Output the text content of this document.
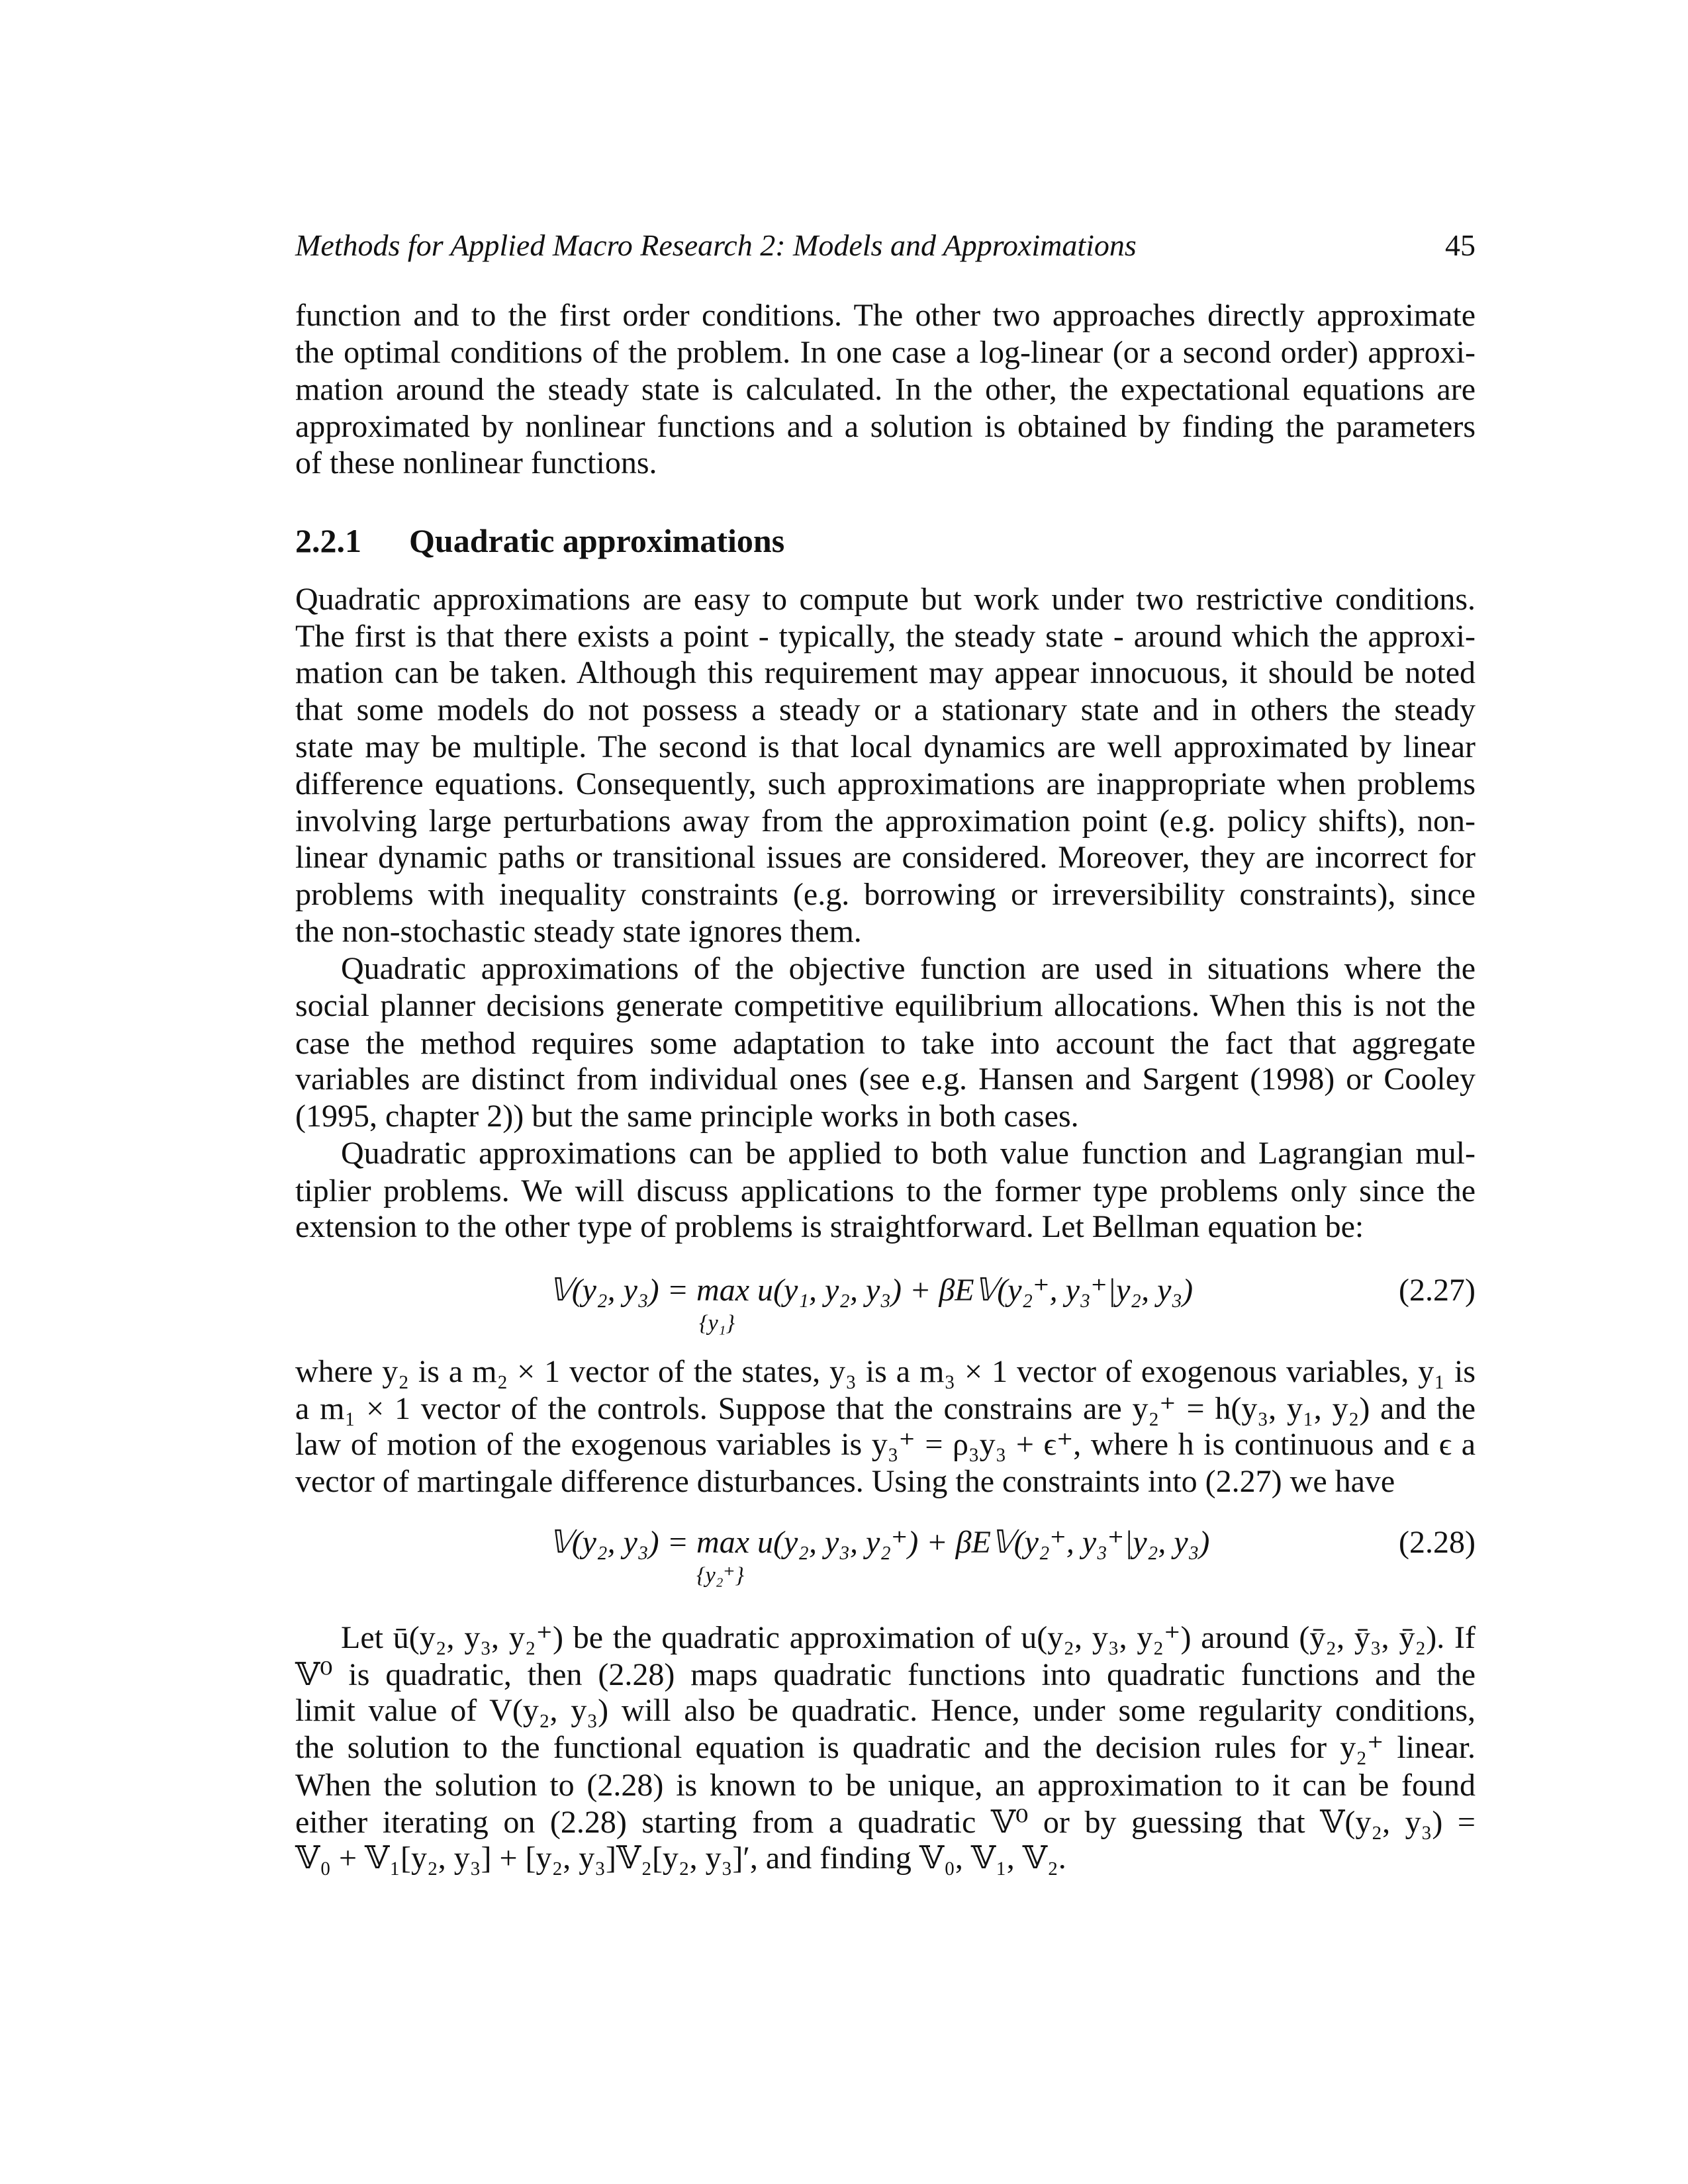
Methods for Applied Macro Research 2: Models and Approximations	45
function and to the first order conditions. The other two approaches directly approximate
the optimal conditions of the problem. In one case a log-linear (or a second order) approxi-
mation around the steady state is calculated. In the other, the expectational equations are
approximated by nonlinear functions and a solution is obtained by finding the parameters
of these nonlinear functions.
2.2.1 Quadratic approximations
Quadratic approximations are easy to compute but work under two restrictive conditions.
The first is that there exists a point - typically, the steady state - around which the approxi-
mation can be taken. Although this requirement may appear innocuous, it should be noted
that some models do not possess a steady or a stationary state and in others the steady
state may be multiple. The second is that local dynamics are well approximated by linear
difference equations. Consequently, such approximations are inappropriate when problems
involving large perturbations away from the approximation point (e.g. policy shifts), non-
linear dynamic paths or transitional issues are considered. Moreover, they are incorrect for
problems with inequality constraints (e.g. borrowing or irreversibility constraints), since
the non-stochastic steady state ignores them.
Quadratic approximations of the objective function are used in situations where the
social planner decisions generate competitive equilibrium allocations. When this is not the
case the method requires some adaptation to take into account the fact that aggregate
variables are distinct from individual ones (see e.g. Hansen and Sargent (1998) or Cooley
(1995, chapter 2)) but the same principle works in both cases.
Quadratic approximations can be applied to both value function and Lagrangian mul-
tiplier problems. We will discuss applications to the former type problems only since the
extension to the other type of problems is straightforward. Let Bellman equation be:
𝕍(y₂, y₃) = max u(y₁, y₂, y₃) + βE𝕍(y₂⁺, y₃⁺|y₂, y₃)
{y₁}
(2.27)
where y₂ is a m₂ × 1 vector of the states, y₃ is a m₃ × 1 vector of exogenous variables, y₁ is
a m₁ × 1 vector of the controls. Suppose that the constrains are y₂⁺ = h(y₃, y₁, y₂) and the
law of motion of the exogenous variables is y₃⁺ = ρ₃y₃ + ϵ⁺, where h is continuous and ϵ a
vector of martingale difference disturbances. Using the constraints into (2.27) we have
𝕍(y₂, y₃) = max u(y₂, y₃, y₂⁺) + βE𝕍(y₂⁺, y₃⁺|y₂, y₃)
{y₂⁺}
(2.28)
Let ū(y₂, y₃, y₂⁺) be the quadratic approximation of u(y₂, y₃, y₂⁺) around (ȳ₂, ȳ₃, ȳ₂). If
𝕍⁰ is quadratic, then (2.28) maps quadratic functions into quadratic functions and the
limit value of V(y₂, y₃) will also be quadratic. Hence, under some regularity conditions,
the solution to the functional equation is quadratic and the decision rules for y₂⁺ linear.
When the solution to (2.28) is known to be unique, an approximation to it can be found
either iterating on (2.28) starting from a quadratic 𝕍⁰ or by guessing that 𝕍(y₂, y₃) =
𝕍₀ + 𝕍₁[y₂, y₃] + [y₂, y₃]𝕍₂[y₂, y₃]′, and finding 𝕍₀, 𝕍₁, 𝕍₂.
